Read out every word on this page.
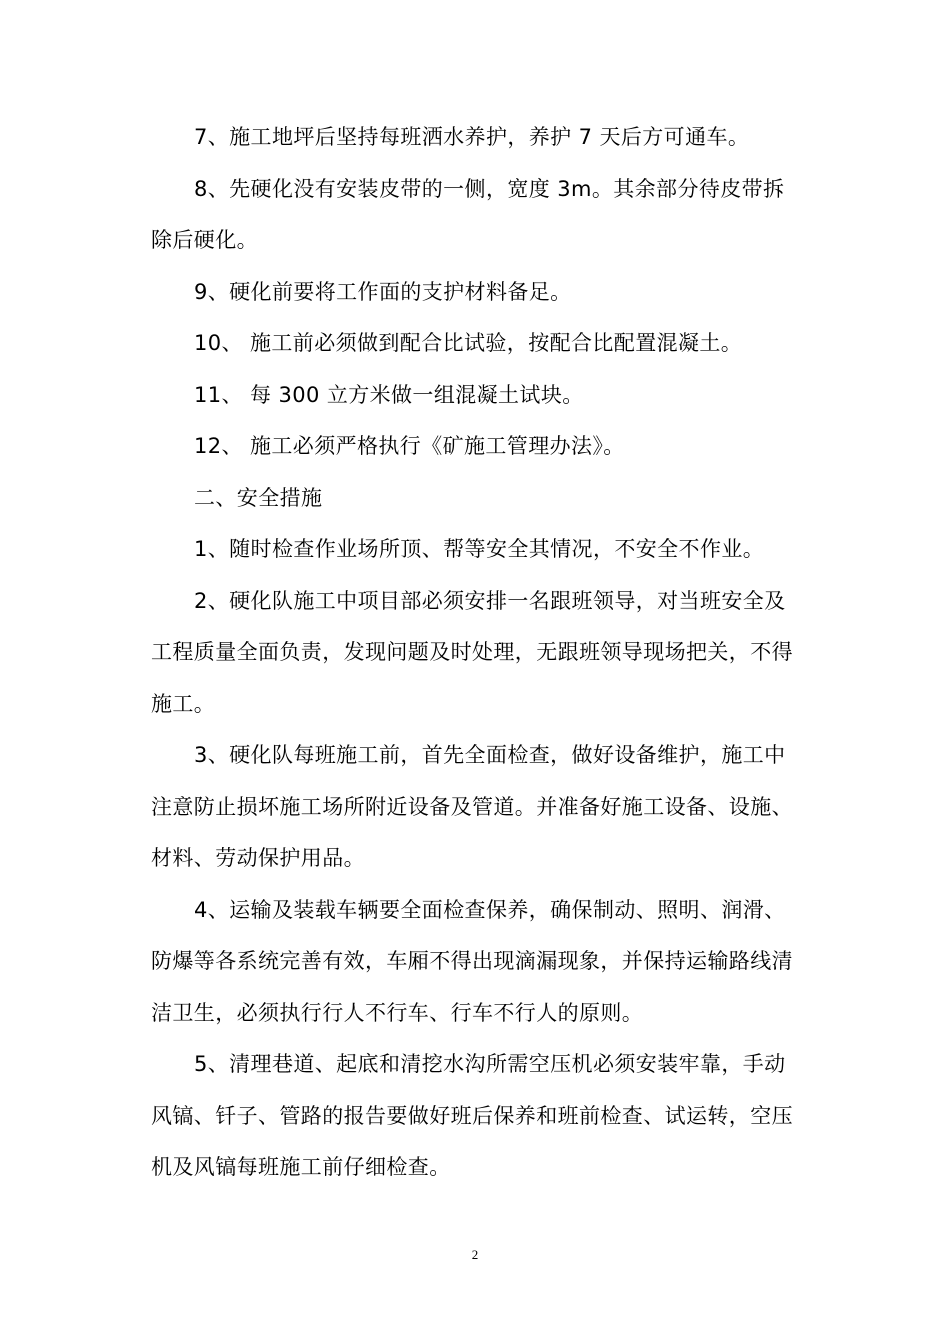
7、施工地坪后坚持每班洒水养护，养护 7 天后方可通车。

8、先硬化没有安装皮带的一侧，宽度 3m。其余部分待皮带拆除后硬化。

9、硬化前要将工作面的支护材料备足。

10、 施工前必须做到配合比试验，按配合比配置混凝土。

11、 每 300 立方米做一组混凝土试块。

12、 施工必须严格执行《矿施工管理办法》。

二、安全措施

1、随时检查作业场所顶、帮等安全其情况，不安全不作业。

2、硬化队施工中项目部必须安排一名跟班领导，对当班安全及工程质量全面负责，发现问题及时处理，无跟班领导现场把关，不得施工。

3、硬化队每班施工前，首先全面检查，做好设备维护，施工中注意防止损坏施工场所附近设备及管道。并准备好施工设备、设施、材料、劳动保护用品。

4、运输及装载车辆要全面检查保养，确保制动、照明、润滑、防爆等各系统完善有效，车厢不得出现滴漏现象，并保持运输路线清洁卫生，必须执行行人不行车、行车不行人的原则。

5、清理巷道、起底和清挖水沟所需空压机必须安装牢靠，手动风镐、钎子、管路的报告要做好班后保养和班前检查、试运转，空压机及风镐每班施工前仔细检查。

2
